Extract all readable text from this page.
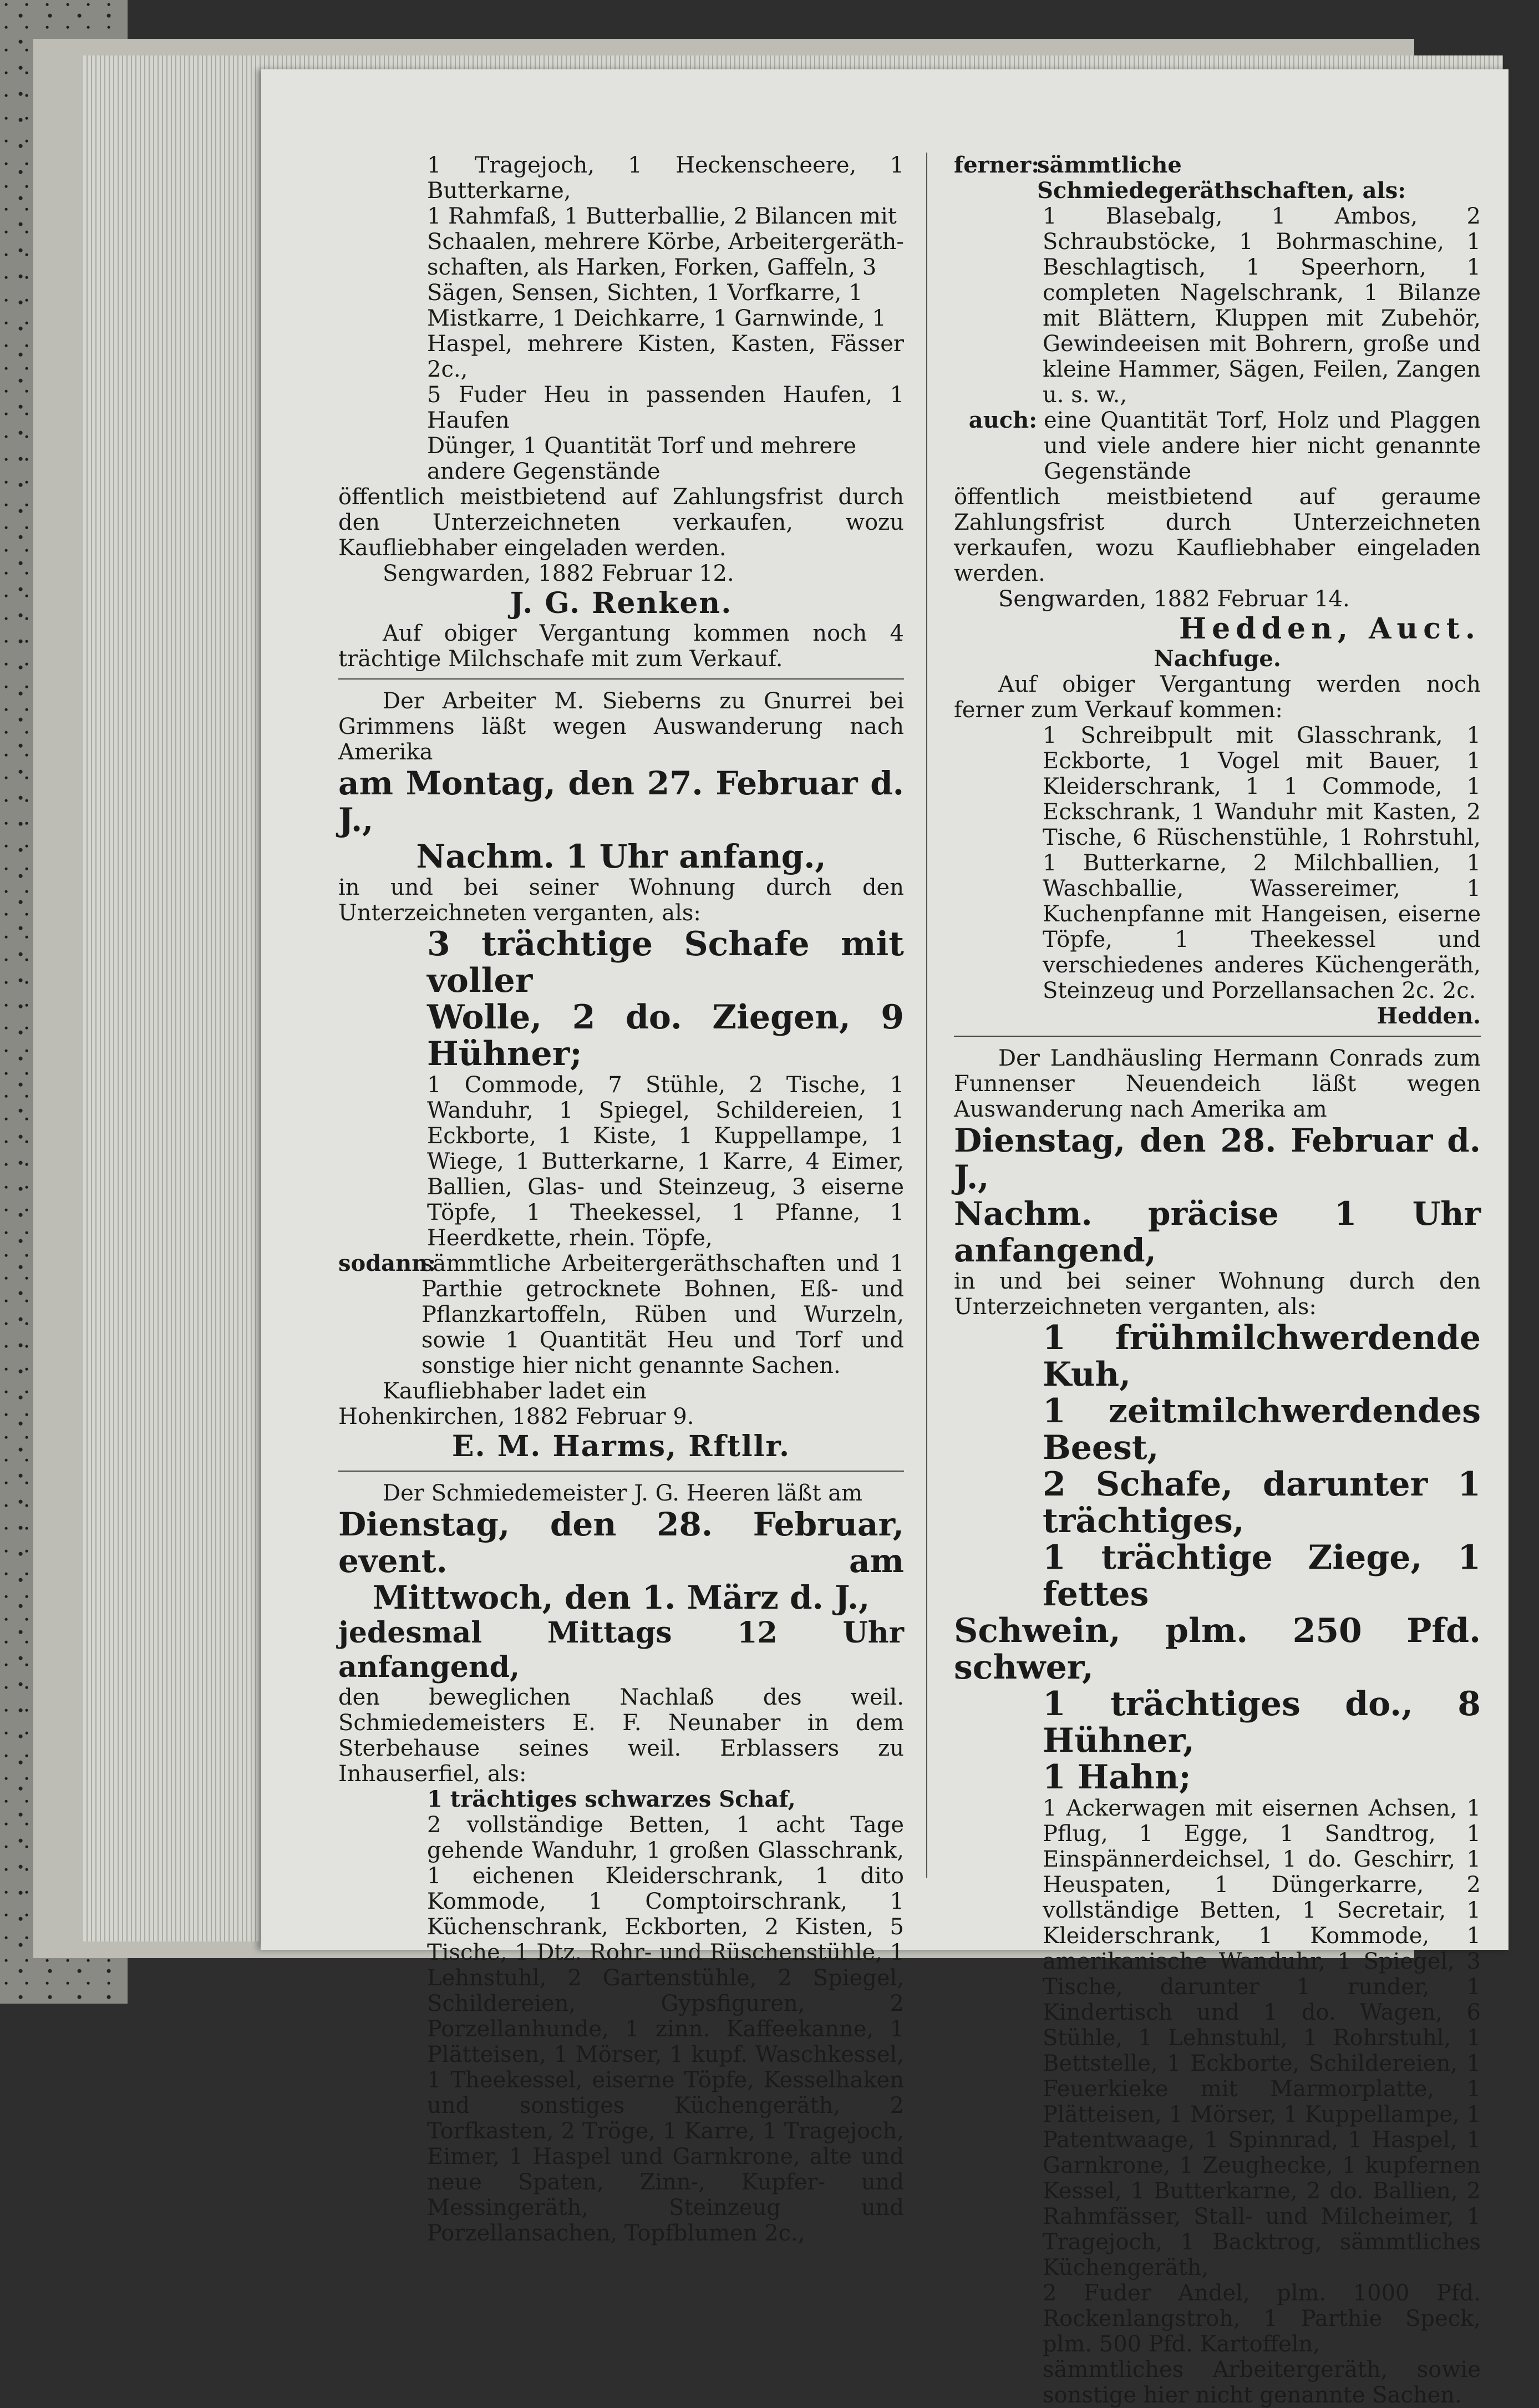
1 Tragejoch, 1 Heckenscheere, 1 Butterkarne,

1 Rahmfaß, 1 Butterballie, 2 Bilancen mit

Schaalen, mehrere Körbe, Arbeitergeräth-

schaften, als Harken, Forken, Gaffeln, 3

Sägen, Sensen, Sichten, 1 Vorfkarre, 1

Mistkarre, 1 Deichkarre, 1 Garnwinde, 1

Haspel, mehrere Kisten, Kasten, Fässer 2c.,

5 Fuder Heu in passenden Haufen, 1 Haufen

Dünger, 1 Quantität Torf und mehrere

andere Gegenstände

öffentlich meistbietend auf Zahlungsfrist durch den Unterzeichneten verkaufen, wozu Kaufliebhaber eingeladen werden.

Sengwarden, 1882 Februar 12.

J. G. Renken.

Auf obiger Vergantung kommen noch 4 trächtige Milchschafe mit zum Verkauf.

Der Arbeiter M. Sieberns zu Gnurrei bei Grimmens läßt wegen Auswanderung nach Amerika

am Montag, den 27. Februar d. J.,

Nachm. 1 Uhr anfang.,

in und bei seiner Wohnung durch den Unterzeichneten verganten, als:

3 trächtige Schafe mit voller

Wolle, 2 do. Ziegen, 9 Hühner;

1 Commode, 7 Stühle, 2 Tische, 1 Wanduhr, 1 Spiegel, Schildereien, 1 Eckborte, 1 Kiste, 1 Kuppellampe, 1 Wiege, 1 Butterkarne, 1 Karre, 4 Eimer, Ballien, Glas- und Steinzeug, 3 eiserne Töpfe, 1 Theekessel, 1 Pfanne, 1 Heerdkette, rhein. Töpfe,

sodann:
sämmtliche Arbeitergeräthschaften und 1 Parthie getrocknete Bohnen, Eß- und Pflanzkartoffeln, Rüben und Wurzeln, sowie 1 Quantität Heu und Torf und sonstige hier nicht genannte Sachen.

Kaufliebhaber ladet ein

Hohenkirchen, 1882 Februar 9.

E. M. Harms, Rftllr.

Der Schmiedemeister J. G. Heeren läßt am

Dienstag, den 28. Februar, event. am

Mittwoch, den 1. März d. J.,

jedesmal Mittags 12 Uhr anfangend,

den beweglichen Nachlaß des weil. Schmiedemeisters E. F. Neunaber in dem Sterbehause seines weil. Erblassers zu Inhauserfiel, als:

1 trächtiges schwarzes Schaf,

2 vollständige Betten, 1 acht Tage gehende Wanduhr, 1 großen Glasschrank, 1 eichenen Kleiderschrank, 1 dito Kommode, 1 Comptoirschrank, 1 Küchenschrank, Eckborten, 2 Kisten, 5 Tische, 1 Dtz. Rohr- und Rüschenstühle, 1 Lehnstuhl, 2 Gartenstühle, 2 Spiegel, Schildereien, Gypsfiguren, 2 Porzellanhunde, 1 zinn. Kaffeekanne, 1 Plätteisen, 1 Mörser, 1 kupf. Waschkessel, 1 Theekessel, eiserne Töpfe, Kesselhaken und sonstiges Küchengeräth, 2 Torfkasten, 2 Tröge, 1 Karre, 1 Tragejoch, Eimer, 1 Haspel und Garnkrone, alte und neue Spaten, Zinn-, Kupfer- und Messingeräth, Steinzeug und Porzellansachen, Topfblumen 2c.,

ferner:
sämmtliche Schmiedegeräthschaften, als:

1 Blasebalg, 1 Ambos, 2 Schraubstöcke, 1 Bohrmaschine, 1 Beschlagtisch, 1 Speerhorn, 1 completen Nagelschrank, 1 Bilanze mit Blättern, Kluppen mit Zubehör, Gewindeeisen mit Bohrern, große und kleine Hammer, Sägen, Feilen, Zangen u. s. w.,

auch: eine Quantität Torf, Holz und Plaggen und viele andere hier nicht genannte Gegenstände

öffentlich meistbietend auf geraume Zahlungsfrist durch Unterzeichneten verkaufen, wozu Kaufliebhaber eingeladen werden.

Sengwarden, 1882 Februar 14.

Hedden, Auct.

Nachfuge.

Auf obiger Vergantung werden noch ferner zum Verkauf kommen:

1 Schreibpult mit Glasschrank, 1 Eckborte, 1 Vogel mit Bauer, 1 Kleiderschrank, 1 1 Commode, 1 Eckschrank, 1 Wanduhr mit Kasten, 2 Tische, 6 Rüschenstühle, 1 Rohrstuhl, 1 Butterkarne, 2 Milchballien, 1 Waschballie, Wassereimer, 1 Kuchenpfanne mit Hangeisen, eiserne Töpfe, 1 Theekessel und verschiedenes anderes Küchengeräth, Steinzeug und Porzellansachen 2c. 2c.

Hedden.

Der Landhäusling Hermann Conrads zum Funnenser Neuendeich läßt wegen Auswanderung nach Amerika am

Dienstag, den 28. Februar d. J.,

Nachm. präcise 1 Uhr anfangend,

in und bei seiner Wohnung durch den Unterzeichneten verganten, als:

1 frühmilchwerdende Kuh,

1 zeitmilchwerdendes Beest,

2 Schafe, darunter 1 trächtiges,

1 trächtige Ziege, 1 fettes

Schwein, plm. 250 Pfd. schwer,

1 trächtiges do., 8 Hühner,

1 Hahn;

1 Ackerwagen mit eisernen Achsen, 1 Pflug, 1 Egge, 1 Sandtrog, 1 Einspännerdeichsel, 1 do. Geschirr, 1 Heuspaten, 1 Düngerkarre, 2 vollständige Betten, 1 Secretair, 1 Kleiderschrank, 1 Kommode, 1 amerikanische Wanduhr, 1 Spiegel, 3 Tische, darunter 1 runder, 1 Kindertisch und 1 do. Wagen, 6 Stühle, 1 Lehnstuhl, 1 Rohrstuhl, 1 Bettstelle, 1 Eckborte, Schildereien, 1 Feuerkieke mit Marmorplatte, 1 Plätteisen, 1 Mörser, 1 Kuppellampe, 1 Patentwaage, 1 Spinnrad, 1 Haspel, 1 Garnkrone, 1 Zeughecke, 1 kupfernen Kessel, 1 Butterkarne, 2 do. Ballien, 2 Rahmfässer, Stall- und Milcheimer, 1 Tragejoch, 1 Backtrog, sämmtliches Küchengeräth,

2 Fuder Andel, plm. 1000 Pfd. Rockenlangstroh, 1 Parthie Speck, plm. 500 Pfd. Kartoffeln,

sämmtliches Arbeitergeräth, sowie sonstige hier nicht genannte Sachen.
